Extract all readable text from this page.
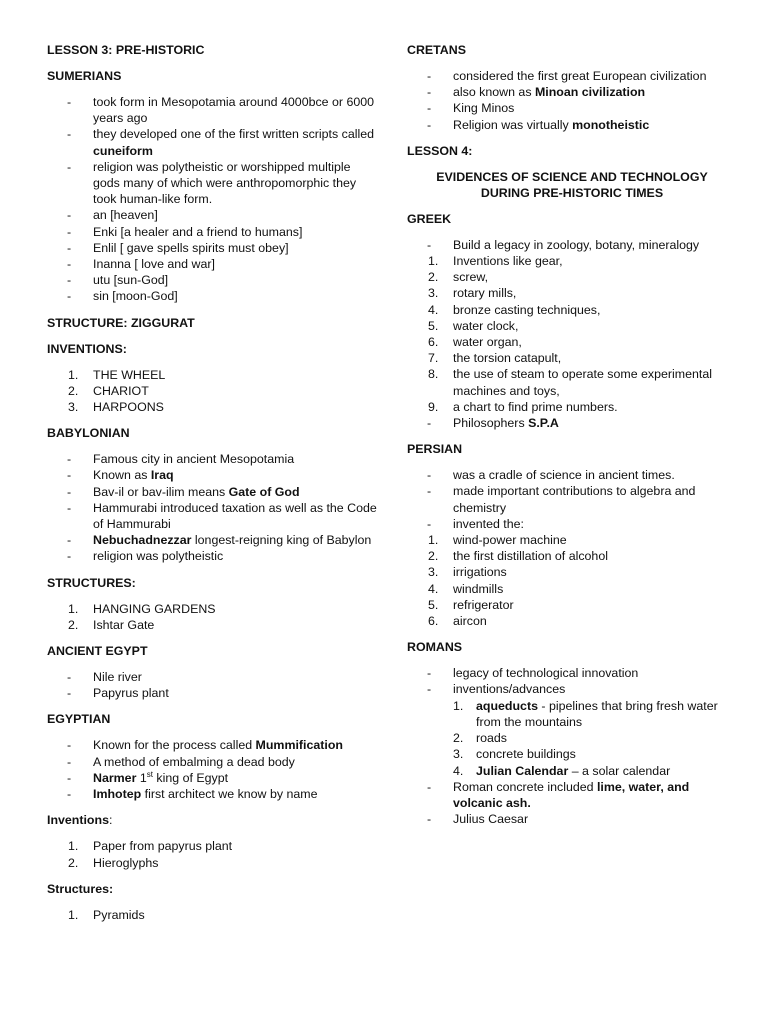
LESSON 3: PRE-HISTORIC

SUMERIANS

- took form in Mesopotamia around 4000bce or 6000 years ago
- they developed one of the first written scripts called cuneiform
- religion was polytheistic or worshipped multiple gods many of which were anthropomorphic they took human-like form.
- an [heaven]
- Enki [a healer and a friend to humans]
- Enlil [ gave spells spirits must obey]
- Inanna [ love and war]
- utu [sun-God]
- sin [moon-God]

STRUCTURE: ZIGGURAT

INVENTIONS:

1. THE WHEEL
2. CHARIOT
3. HARPOONS

BABYLONIAN

- Famous city in ancient Mesopotamia
- Known as Iraq
- Bav-il or bav-ilim means Gate of God
- Hammurabi introduced taxation as well as the Code of Hammurabi
- Nebuchadnezzar longest-reigning king of Babylon
- religion was polytheistic

STRUCTURES:

1. HANGING GARDENS
2. Ishtar Gate

ANCIENT EGYPT

- Nile river
- Papyrus plant

EGYPTIAN

- Known for the process called Mummification
- A method of embalming a dead body
- Narmer 1st king of Egypt
- Imhotep first architect we know by name

Inventions:

1. Paper from papyrus plant
2. Hieroglyphs

Structures:

1. Pyramids

CRETANS

- considered the first great European civilization
- also known as Minoan civilization
- King Minos
- Religion was virtually monotheistic

LESSON 4:

EVIDENCES OF SCIENCE AND TECHNOLOGY DURING PRE-HISTORIC TIMES

GREEK

- Build a legacy in zoology, botany, mineralogy
1. Inventions like gear,
2. screw,
3. rotary mills,
4. bronze casting techniques,
5. water clock,
6. water organ,
7. the torsion catapult,
8. the use of steam to operate some experimental machines and toys,
9. a chart to find prime numbers.
- Philosophers S.P.A

PERSIAN

- was a cradle of science in ancient times.
- made important contributions to algebra and chemistry
- invented the:
1. wind-power machine
2. the first distillation of alcohol
3. irrigations
4. windmills
5. refrigerator
6. aircon

ROMANS

- legacy of technological innovation
- inventions/advances
1. aqueducts - pipelines that bring fresh water from the mountains
2. roads
3. concrete buildings
4. Julian Calendar – a solar calendar
- Roman concrete included lime, water, and volcanic ash.
- Julius Caesar
